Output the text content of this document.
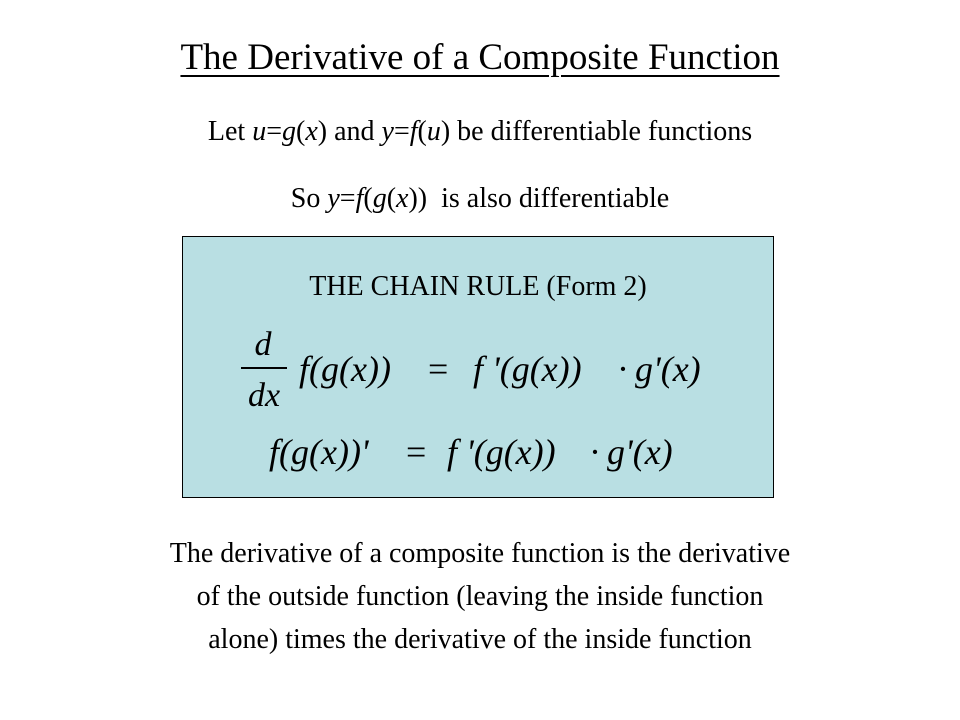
The Derivative of a Composite Function
Let u=g(x) and y=f(u) be differentiable functions
So y=f(g(x))  is also differentiable
THE CHAIN RULE (Form 2)
d
dx
f(g(x)) = f '(g(x)) · g'(x)
f(g(x))' = f '(g(x)) · g'(x)
The derivative of a composite function is the derivative
of the outside function (leaving the inside function
alone) times the derivative of the inside function
